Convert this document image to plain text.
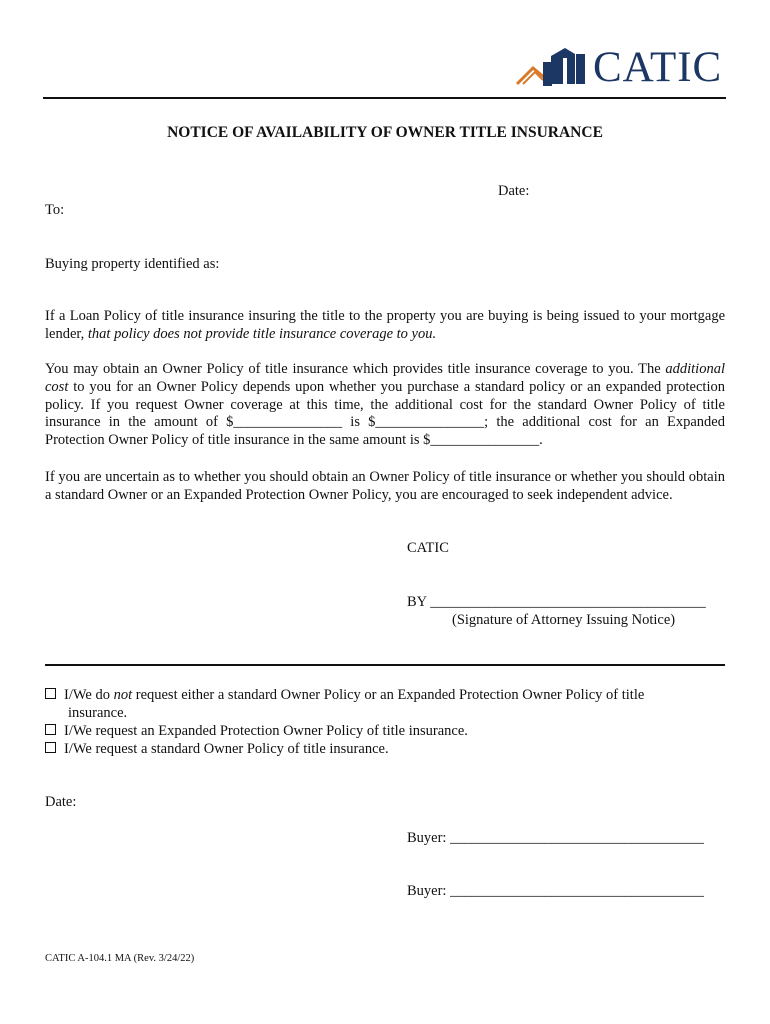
CATIC
NOTICE OF AVAILABILITY OF OWNER TITLE INSURANCE
Date:
To:
Buying property identified as:

If a Loan Policy of title insurance insuring the title to the property you are buying is being issued to your mortgage lender, that policy does not provide title insurance coverage to you.

You may obtain an Owner Policy of title insurance which provides title insurance coverage to you. The additional cost to you for an Owner Policy depends upon whether you purchase a standard policy or an expanded protection policy. If you request Owner coverage at this time, the additional cost for the standard Owner Policy of title insurance in the amount of $_______________ is $_______________; the additional cost for an Expanded Protection Owner Policy of title insurance in the same amount is $_______________.

If you are uncertain as to whether you should obtain an Owner Policy of title insurance or whether you should obtain a standard Owner or an Expanded Protection Owner Policy, you are encouraged to seek independent advice.

CATIC
BY ______________________________________
(Signature of Attorney Issuing Notice)
I/We do not request either a standard Owner Policy or an Expanded Protection Owner Policy of title
insurance.
I/We request an Expanded Protection Owner Policy of title insurance.
I/We request a standard Owner Policy of title insurance.
Date:
Buyer: ___________________________________
Buyer: ___________________________________
CATIC A-104.1 MA (Rev. 3/24/22)
